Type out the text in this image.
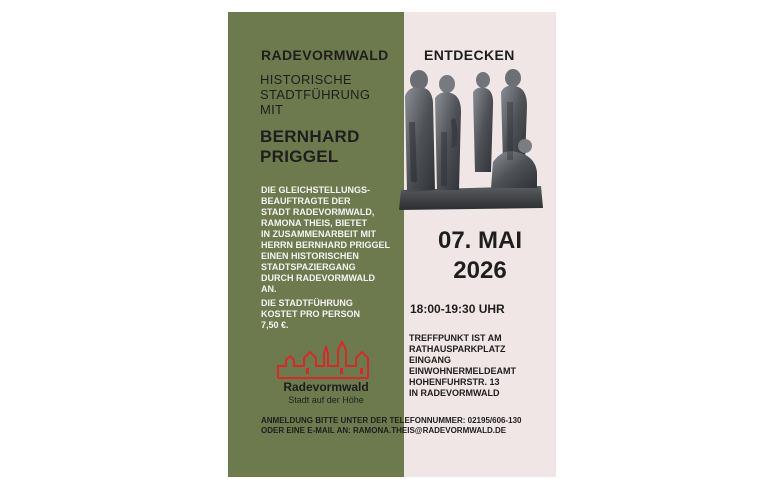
RADEVORMWALD	ENTDECKEN
HISTORISCHE
STADTFÜHRUNG
MIT
BERNHARD
PRIGGEL

DIE GLEICHSTELLUNGS-
BEAUFTRAGTE DER
STADT RADEVORMWALD,
RAMONA THEIS, BIETET
IN ZUSAMMENARBEIT MIT
HERRN BERNHARD PRIGGEL
EINEN HISTORISCHEN
STADTSPAZIERGANG
DURCH RADEVORMWALD
AN.

DIE STADTFÜHRUNG
KOSTET PRO PERSON
7,50 €.

07. MAI
2026
18:00-19:30 UHR

TREFFPUNKT IST AM

RATHAUSPARKPLATZ

EINGANG

EINWOHNERMELDEAMT

HOHENFUHRSTR. 13

IN RADEVORMWALD

Radevormwald
Stadt auf der Höhe

ANMELDUNG BITTE UNTER DER TELEFONNUMMER: 02195/606-130

ODER EINE E-MAIL AN: RAMONA.THEIS@RADEVORMWALD.DE
